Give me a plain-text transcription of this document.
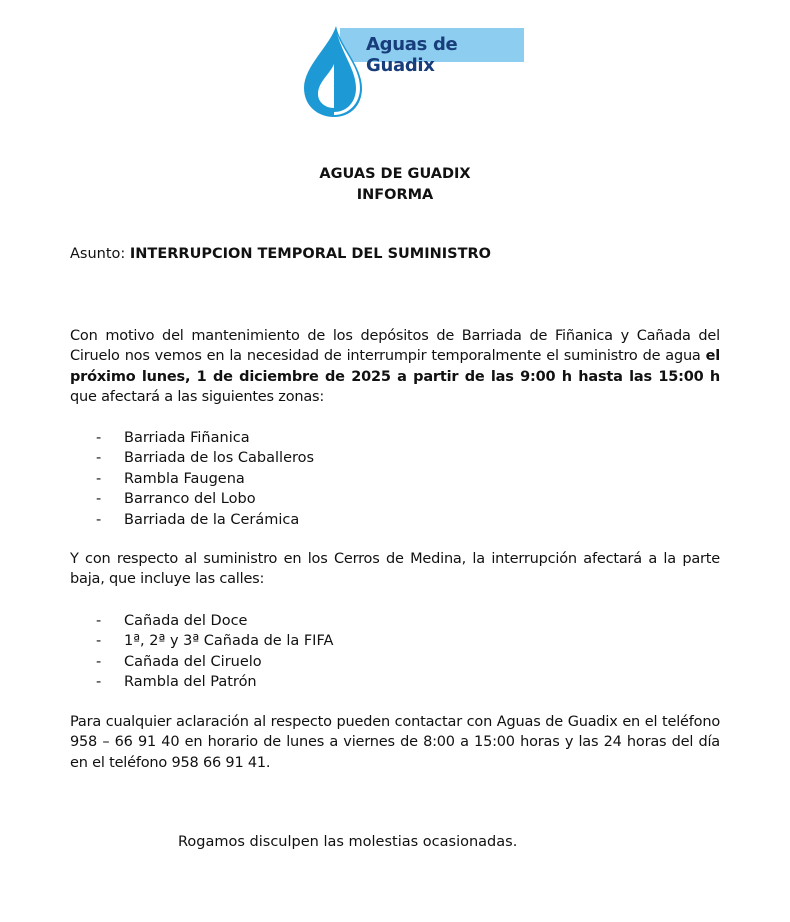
Aguas de Guadix
AGUAS DE GUADIX
INFORMA
Asunto: INTERRUPCION TEMPORAL DEL SUMINISTRO
Con motivo del mantenimiento de los depósitos de Barriada de Fiñanica y Cañada del Ciruelo nos vemos en la necesidad de interrumpir temporalmente el suministro de agua el próximo lunes, 1 de diciembre de 2025 a partir de las 9:00 h hasta las 15:00 h que afectará a las siguientes zonas:
- Barriada Fiñanica
- Barriada de los Caballeros
- Rambla Faugena
- Barranco del Lobo
- Barriada de la Cerámica
Y con respecto al suministro en los Cerros de Medina, la interrupción afectará a la parte baja, que incluye las calles:
- Cañada del Doce
- 1ª, 2ª y 3ª Cañada de la FIFA
- Cañada del Ciruelo
- Rambla del Patrón
Para cualquier aclaración al respecto pueden contactar con Aguas de Guadix en el teléfono 958 – 66 91 40 en horario de lunes a viernes de 8:00 a 15:00 horas y las 24 horas del día en el teléfono 958 66 91 41.
Rogamos disculpen las molestias ocasionadas.
